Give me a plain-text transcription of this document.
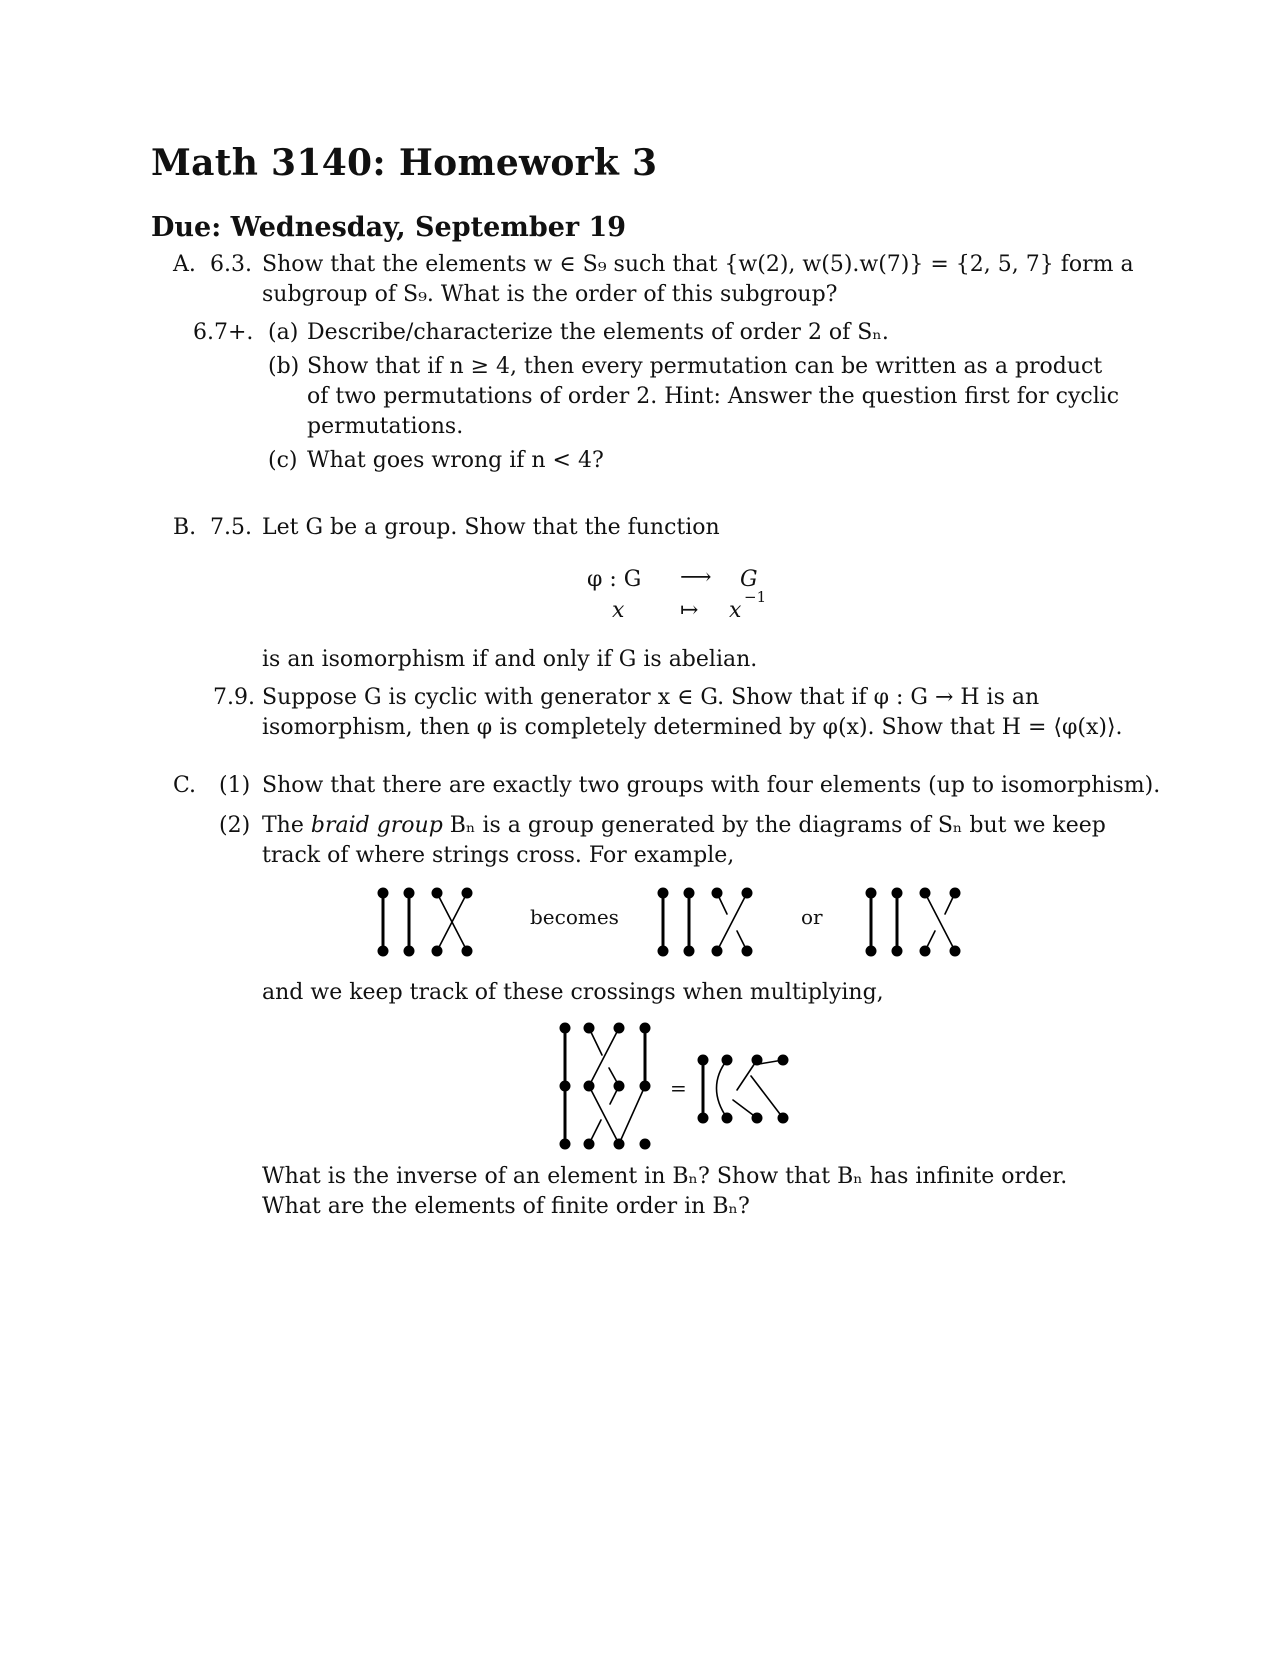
Math 3140: Homework 3
Due: Wednesday, September 19
A. 6.3. Show that the elements w ∈ S₉ such that {w(2), w(5).w(7)} = {2, 5, 7} form a
subgroup of S₉. What is the order of this subgroup?
6.7+. (a) Describe/characterize the elements of order 2 of Sₙ.
(b) Show that if n ≥ 4, then every permutation can be written as a product
of two permutations of order 2. Hint: Answer the question first for cyclic
permutations.
(c) What goes wrong if n < 4?
B. 7.5. Let G be a group. Show that the function
φ : G ⟶ G
x	↦ x
−1
is an isomorphism if and only if G is abelian.
7.9. Suppose G is cyclic with generator x ∈ G. Show that if φ : G → H is an
isomorphism, then φ is completely determined by φ(x). Show that H = ⟨φ(x)⟩.
C. (1) Show that there are exactly two groups with four elements (up to isomorphism).
(2) The braid group Bₙ is a group generated by the diagrams of Sₙ but we keep
track of where strings cross. For example,
becomes	or
and we keep track of these crossings when multiplying,
=
What is the inverse of an element in Bₙ? Show that Bₙ has infinite order.
What are the elements of finite order in Bₙ?
